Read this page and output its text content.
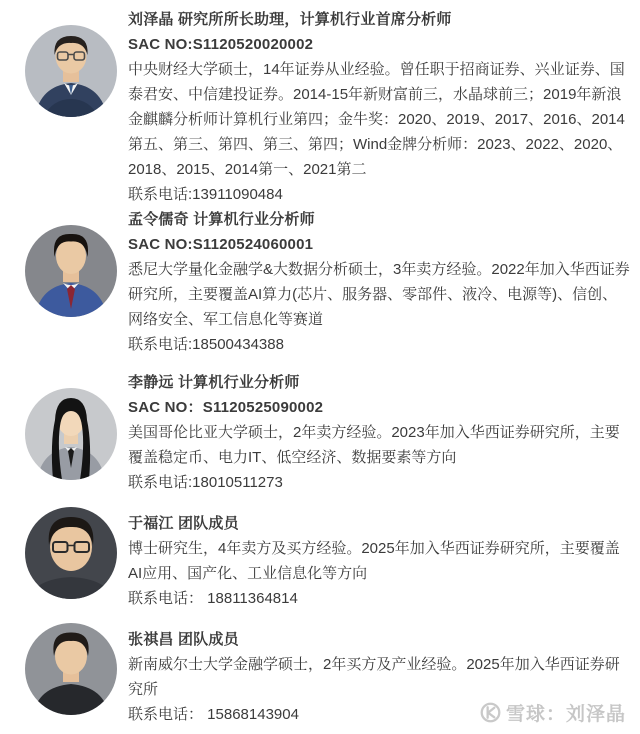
刘泽晶 研究所所长助理，计算机行业首席分析师
SAC NO:S1120520020002
中央财经大学硕士，14年证券从业经验。曾任职于招商证券、兴业证券、国泰君安、中信建投证券。2014-15年新财富前三，水晶球前三；2019年新浪金麒麟分析师计算机行业第四；金牛奖：2020、2019、2017、2016、2014第五、第三、第四、第三、第四；Wind金牌分析师：2023、2022、2020、2018、2015、2014第一、2021第二
联系电话:13911090484
孟令儒奇 计算机行业分析师
SAC NO:S1120524060001
悉尼大学量化金融学&大数据分析硕士，3年卖方经验。2022年加入华西证券研究所，主要覆盖AI算力(芯片、服务器、零部件、液冷、电源等)、信创、网络安全、军工信息化等赛道
联系电话:18500434388
李静远 计算机行业分析师
SAC NO：S1120525090002
美国哥伦比亚大学硕士，2年卖方经验。2023年加入华西证券研究所，主要覆盖稳定币、电力IT、低空经济、数据要素等方向
联系电话:18010511273
于福江 团队成员
博士研究生，4年卖方及买方经验。2025年加入华西证券研究所，主要覆盖AI应用、国产化、工业信息化等方向
联系电话： 18811364814
张祺昌 团队成员
新南威尔士大学金融学硕士，2年买方及产业经验。2025年加入华西证券研究所
联系电话： 15868143904	雪球：刘泽晶
